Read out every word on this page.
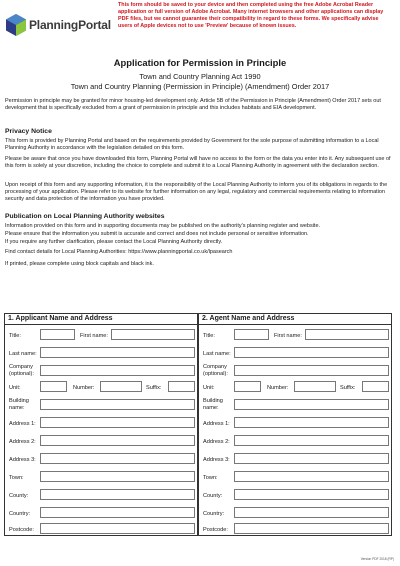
PlanningPortal
This form should be saved to your device and then completed using the free Adobe Acrobat Reader application or full version of Adobe Acrobat. Many internet browsers and other applications can display PDF files, but we cannot guarantee their compatibility in regard to these forms. We specifically advise users of Apple devices not to use 'Preview' because of known issues.
Application for Permission in Principle
Town and Country Planning Act 1990
Town and Country Planning (Permission in Principle) (Amendment) Order 2017
Permission in principle may be granted for minor housing-led development only. Article 5B of the Permission in Principle (Amendment) Order 2017 sets out development that is specifically excluded from a grant of permission in principle and this includes habitats and EIA development.
Privacy Notice
This form is provided by Planning Portal and based on the requirements provided by Government for the sole purpose of submitting information to a Local Planning Authority in accordance with the legislation detailed on this form.
Please be aware that once you have downloaded this form, Planning Portal will have no access to the form or the data you enter into it. Any subsequent use of this form is solely at your discretion, including the choice to complete and submit it to a Local Planning Authority in agreement with the declaration section.
Upon receipt of this form and any supporting information, it is the responsibility of the Local Planning Authority to inform you of its obligations in regards to the processing of your application. Please refer to its website for further information on any legal, regulatory and commercial requirements relating to information security and data protection of the information you have provided.
Publication on Local Planning Authority websites
Information provided on this form and in supporting documents may be published on the authority's planning register and website.
Please ensure that the information you submit is accurate and correct and does not include personal or sensitive information.
If you require any further clarification, please contact the Local Planning Authority directly.
Find contact details for Local Planning Authorities: https://www.planningportal.co.uk/lpasearch
If printed, please complete using block capitals and black ink.
1. Applicant Name and Address
Title:	First name:
Last name:
Company
(optional):
Unit:	Number:	Suffix:
Building
name:
Address 1:
Address 2:
Address 3:
Town:
County:
Country:
Postcode:
2. Agent Name and Address
Title:	First name:
Last name:
Company
(optional):
Unit:	Number:	Suffix:
Building
name:
Address 1:
Address 2:
Address 3:
Town:
County:
Country:
Postcode:
Version PDF 2018 (RP)
